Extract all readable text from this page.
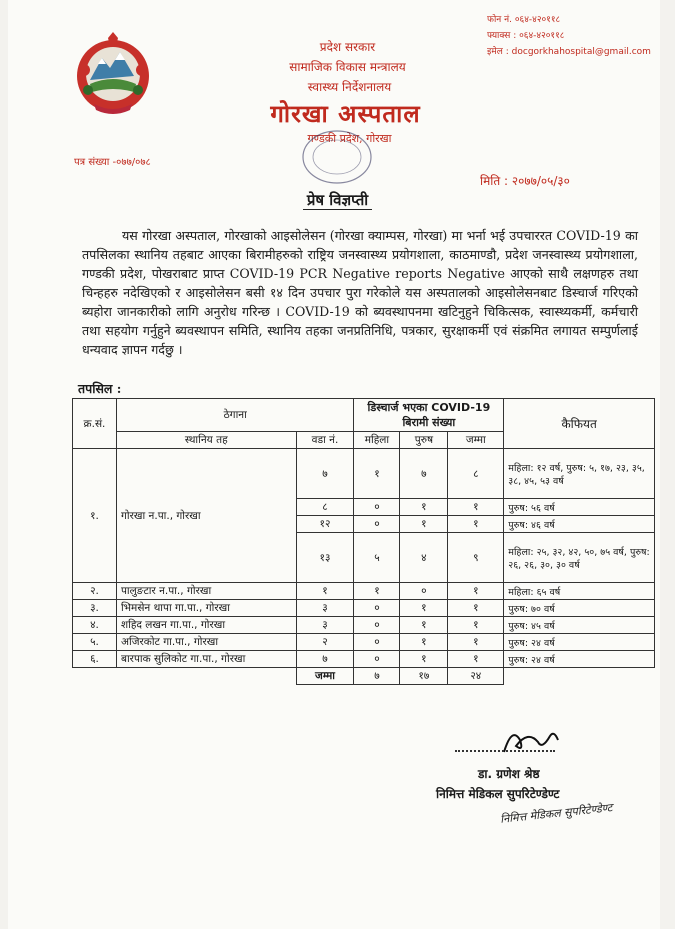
फोन नं. ०६४-४२०११८
फ्याक्स : ०६४-४२०११८
इमेल : docgorkhahospital@gmail.com
प्रदेश सरकार
सामाजिक विकास मन्त्रालय
स्वास्थ्य निर्देशनालय
गोरखा अस्पताल
गण्डकी प्रदेश, गोरखा
पत्र संख्या -०७७/०७८
मिति : २०७७/०५/३०
प्रेष विज्ञप्ती
यस गोरखा अस्पताल, गोरखाको आइसोलेसन (गोरखा क्याम्पस, गोरखा) मा भर्ना भई उपचाररत COVID-19 का तपसिलका स्थानिय तहबाट आएका बिरामीहरुको राष्ट्रिय जनस्वास्थ्य प्रयोगशाला, काठमाण्डौ, प्रदेश जनस्वास्थ्य प्रयोगशाला, गण्डकी प्रदेश, पोखराबाट प्राप्त COVID-19 PCR Negative reports Negative आएको साथै लक्षणहरु तथा चिन्हहरु नदेखिएको र आइसोलेसन बसी १४ दिन उपचार पुरा गरेकोले यस अस्पतालको आइसोलेसनबाट डिस्चार्ज गरिएको ब्यहोरा जानकारीको लागि अनुरोध गरिन्छ । COVID-19 को ब्यवस्थापनमा खटिनुहुने चिकित्सक, स्वास्थ्यकर्मी, कर्मचारी तथा सहयोग गर्नुहुने ब्यवस्थापन समिति, स्थानिय तहका जनप्रतिनिधि, पत्रकार, सुरक्षाकर्मी एवं संक्रमित लगायत सम्पुर्णलाई धन्यवाद ज्ञापन गर्दछु ।
तपसिल :
क्र.सं.	ठेगाना		डिस्चार्ज भएका COVID-19 बिरामी संख्या			कैफियत
	स्थानिय तह	वडा नं.	महिला	पुरुष	जम्मा	
१.	गोरखा न.पा., गोरखा	७	१	७	८	महिला: १२ वर्ष, पुरुष: ५, १७, २३, ३५, ३८, ४५, ५३ वर्ष
		८	०	१	१	पुरुष: ५६ वर्ष
		१२	०	१	१	पुरुष: ४६ वर्ष
		१३	५	४	९	महिला: २५, ३२, ४२, ५०, ७५ वर्ष, पुरुष: २६, २६, ३०, ३० वर्ष
२.	पालुङटार न.पा., गोरखा	१	१	०	१	महिला: ६५ वर्ष
३.	भिमसेन थापा गा.पा., गोरखा	३	०	१	१	पुरुष: ७० वर्ष
४.	शहिद लखन गा.पा., गोरखा	३	०	१	१	पुरुष: ४५ वर्ष
५.	अजिरकोट गा.पा., गोरखा	२	०	१	१	पुरुष: २४ वर्ष
६.	बारपाक सुलिकोट गा.पा., गोरखा	७	०	१	१	पुरुष: २४ वर्ष
		जम्मा	७	१७	२४	
डा. ग्रणेश श्रेष्ठ
निमित्त मेडिकल सुपरिटेण्डेण्ट
निमित्त मेडिकल सुपरिटेण्डेण्ट
